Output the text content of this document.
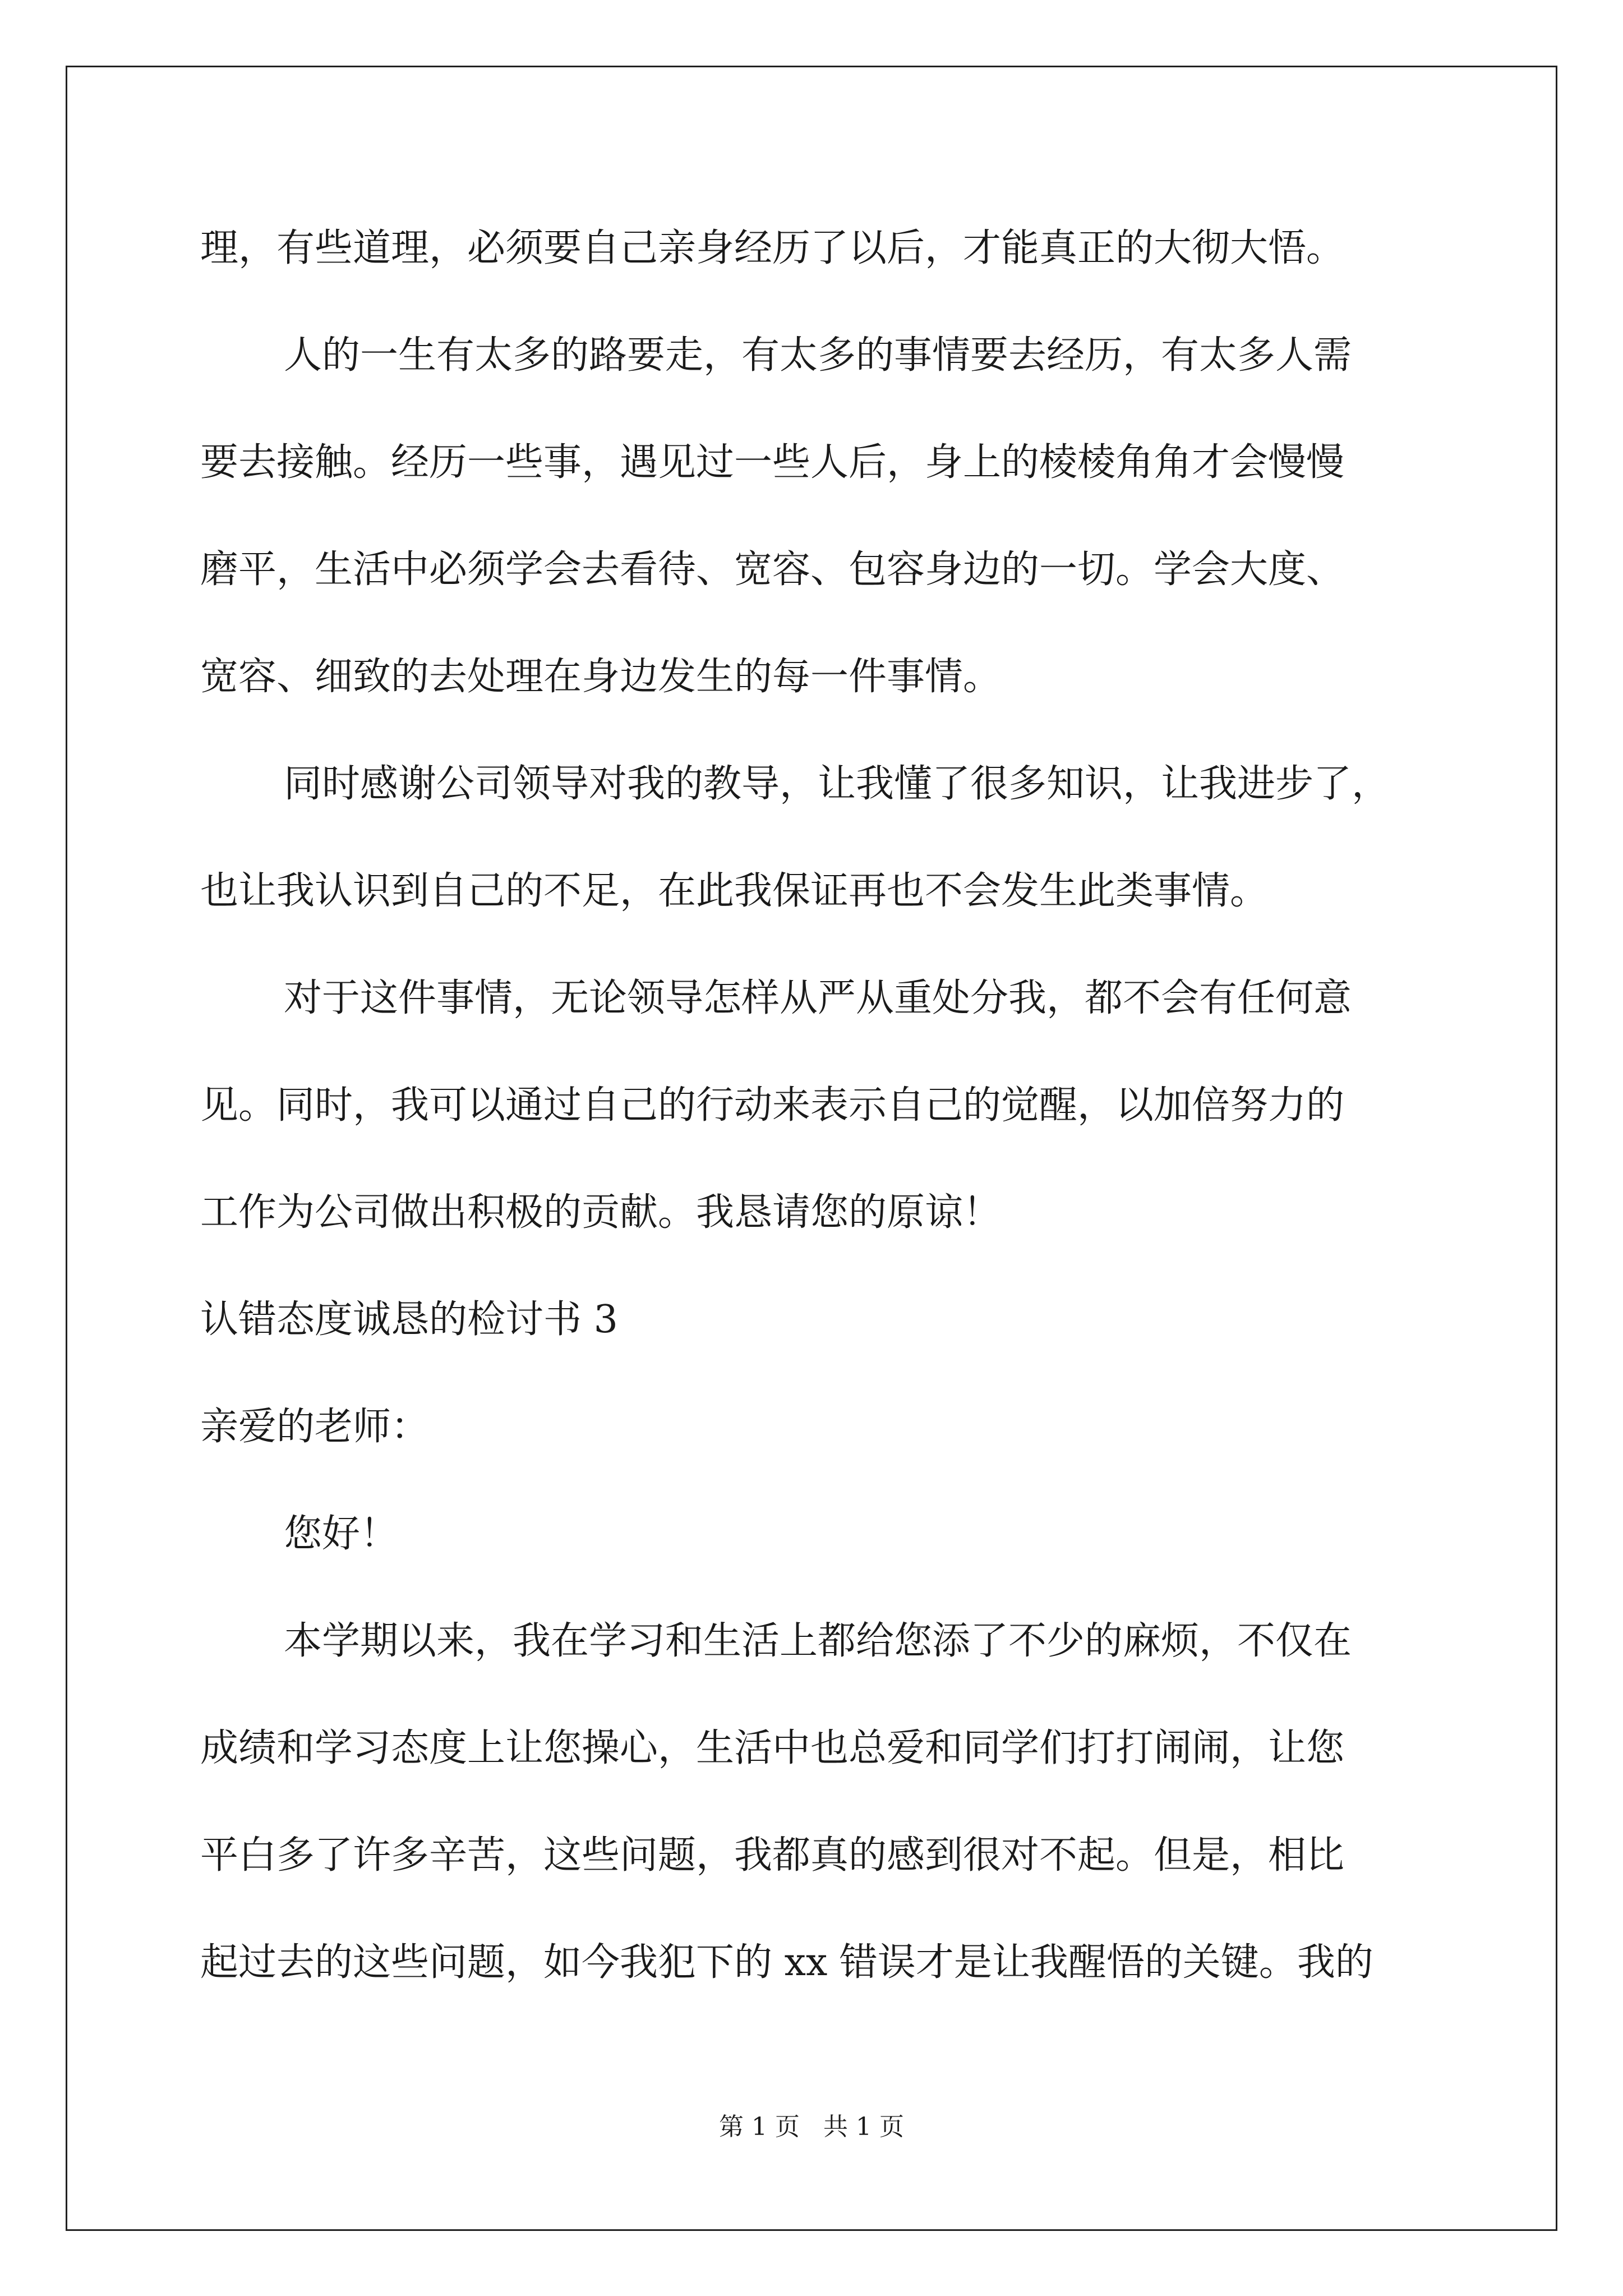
理，有些道理，必须要自己亲身经历了以后，才能真正的大彻大悟。
人的一生有太多的路要走，有太多的事情要去经历，有太多人需
要去接触。经历一些事，遇见过一些人后，身上的棱棱角角才会慢慢
磨平，生活中必须学会去看待、宽容、包容身边的一切。学会大度、
宽容、细致的去处理在身边发生的每一件事情。
同时感谢公司领导对我的教导，让我懂了很多知识，让我进步了，
也让我认识到自己的不足，在此我保证再也不会发生此类事情。
对于这件事情，无论领导怎样从严从重处分我，都不会有任何意
见。同时，我可以通过自己的行动来表示自己的觉醒，以加倍努力的
工作为公司做出积极的贡献。我恳请您的原谅！
认错态度诚恳的检讨书 3
亲爱的老师：
您好！
本学期以来，我在学习和生活上都给您添了不少的麻烦，不仅在
成绩和学习态度上让您操心，生活中也总爱和同学们打打闹闹，让您
平白多了许多辛苦，这些问题，我都真的感到很对不起。但是，相比
起过去的这些问题，如今我犯下的 xx 错误才是让我醒悟的关键。我的
第 1 页   共 1 页
